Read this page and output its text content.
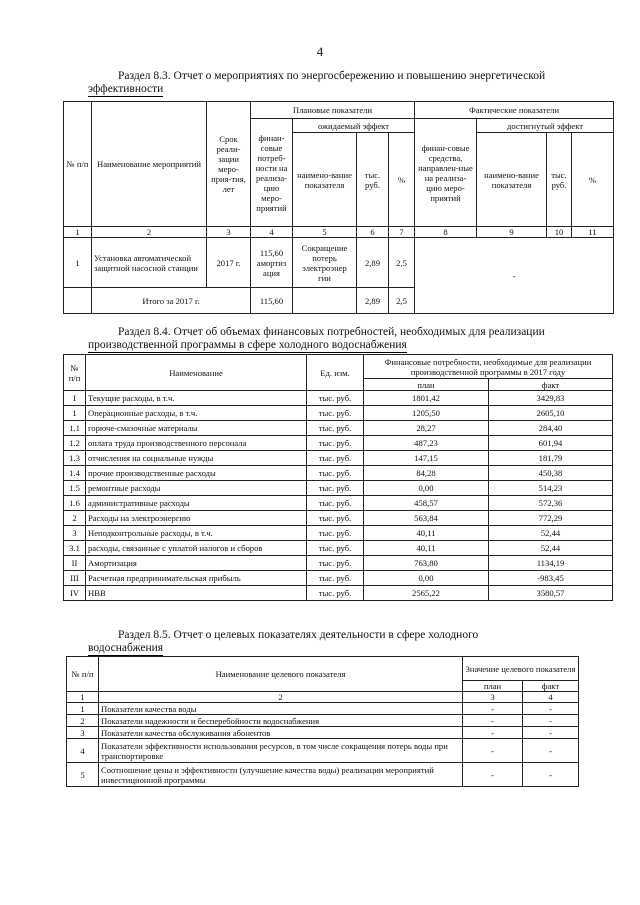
4
Раздел 8.3. Отчет о мероприятиях по энергосбережению и повышению энергетической
эффективности
№ п/п	Наименование мероприятий	Срок реали-зации меро-прия-тия, лет	Плановые показатели				Фактические показатели			
			финан-совые потреб-ности на реализа-цию меро-приятий	ожидаемый эффект			финан-совые средства, направлен-ные на реализа-цию меро-приятий	достигнутый эффект		
				наимено-вание показателя	тыс. руб.	%		наимено-вание показателя	тыс. руб.	%
1	2	3	4	5	6	7	8	9	10	11
1	Установка автоматической защитной насосной станции	2017 г.	115,60 амортиз ация	Сокращение потерь электроэнер гии	2,89	2,5	-			
	Итого за 2017 г.		115,60		2,89	2,5				
Раздел 8.4. Отчет об объемах финансовых потребностей, необходимых для реализации
производственной программы в сфере холодного водоснабжения
№ п/п	Наименование	Ед. изм.	Финансовые потребности, необходимые для реализации производственной программы в 2017 году	
			план	факт
I	Текущие расходы, в т.ч.	тыс. руб.	1801,42	3429,83
1	Операционные расходы, в т.ч.	тыс. руб.	1205,50	2605,10
1.1	горюче-смазочные материалы	тыс. руб.	28,27	284,40
1.2	оплата труда производственного персонала	тыс. руб.	487,23	601,94
1.3	отчисления на социальные нужды	тыс. руб.	147,15	181,79
1.4	прочие производственные расходы	тыс. руб.	84,28	450,38
1.5	ремонтные расходы	тыс. руб.	0,00	514,23
1.6	административные расходы	тыс. руб.	458,57	572,36
2	Расходы на электроэнергию	тыс. руб.	563,84	772,29
3	Неподконтрольные расходы, в т.ч.	тыс. руб.	40,11	52,44
3.1	расходы, связанные с уплатой налогов и сборов	тыс. руб.	40,11	52,44
II	Амортизация	тыс. руб.	763,80	1134,19
III	Расчетная предпринимательская прибыль	тыс. руб.	0,00	-983,45
IV	НВВ	тыс. руб.	2565,22	3580,57
Раздел 8.5. Отчет о целевых показателях деятельности в сфере холодного
водоснабжения
№ п/п	Наименование целевого показателя	Значение целевого показателя	
		план	факт
1	2	3	4
1	Показатели качества воды	-	-
2	Показатели надежности и бесперебойности водоснабжения	-	-
3	Показатели качества обслуживания абонентов	-	-
4	Показатели эффективности использования ресурсов, в том числе сокращения потерь воды при транспортировке	-	-
5	Соотношение цены и эффективности (улучшение качества воды) реализации мероприятий инвестиционной программы	-	-
